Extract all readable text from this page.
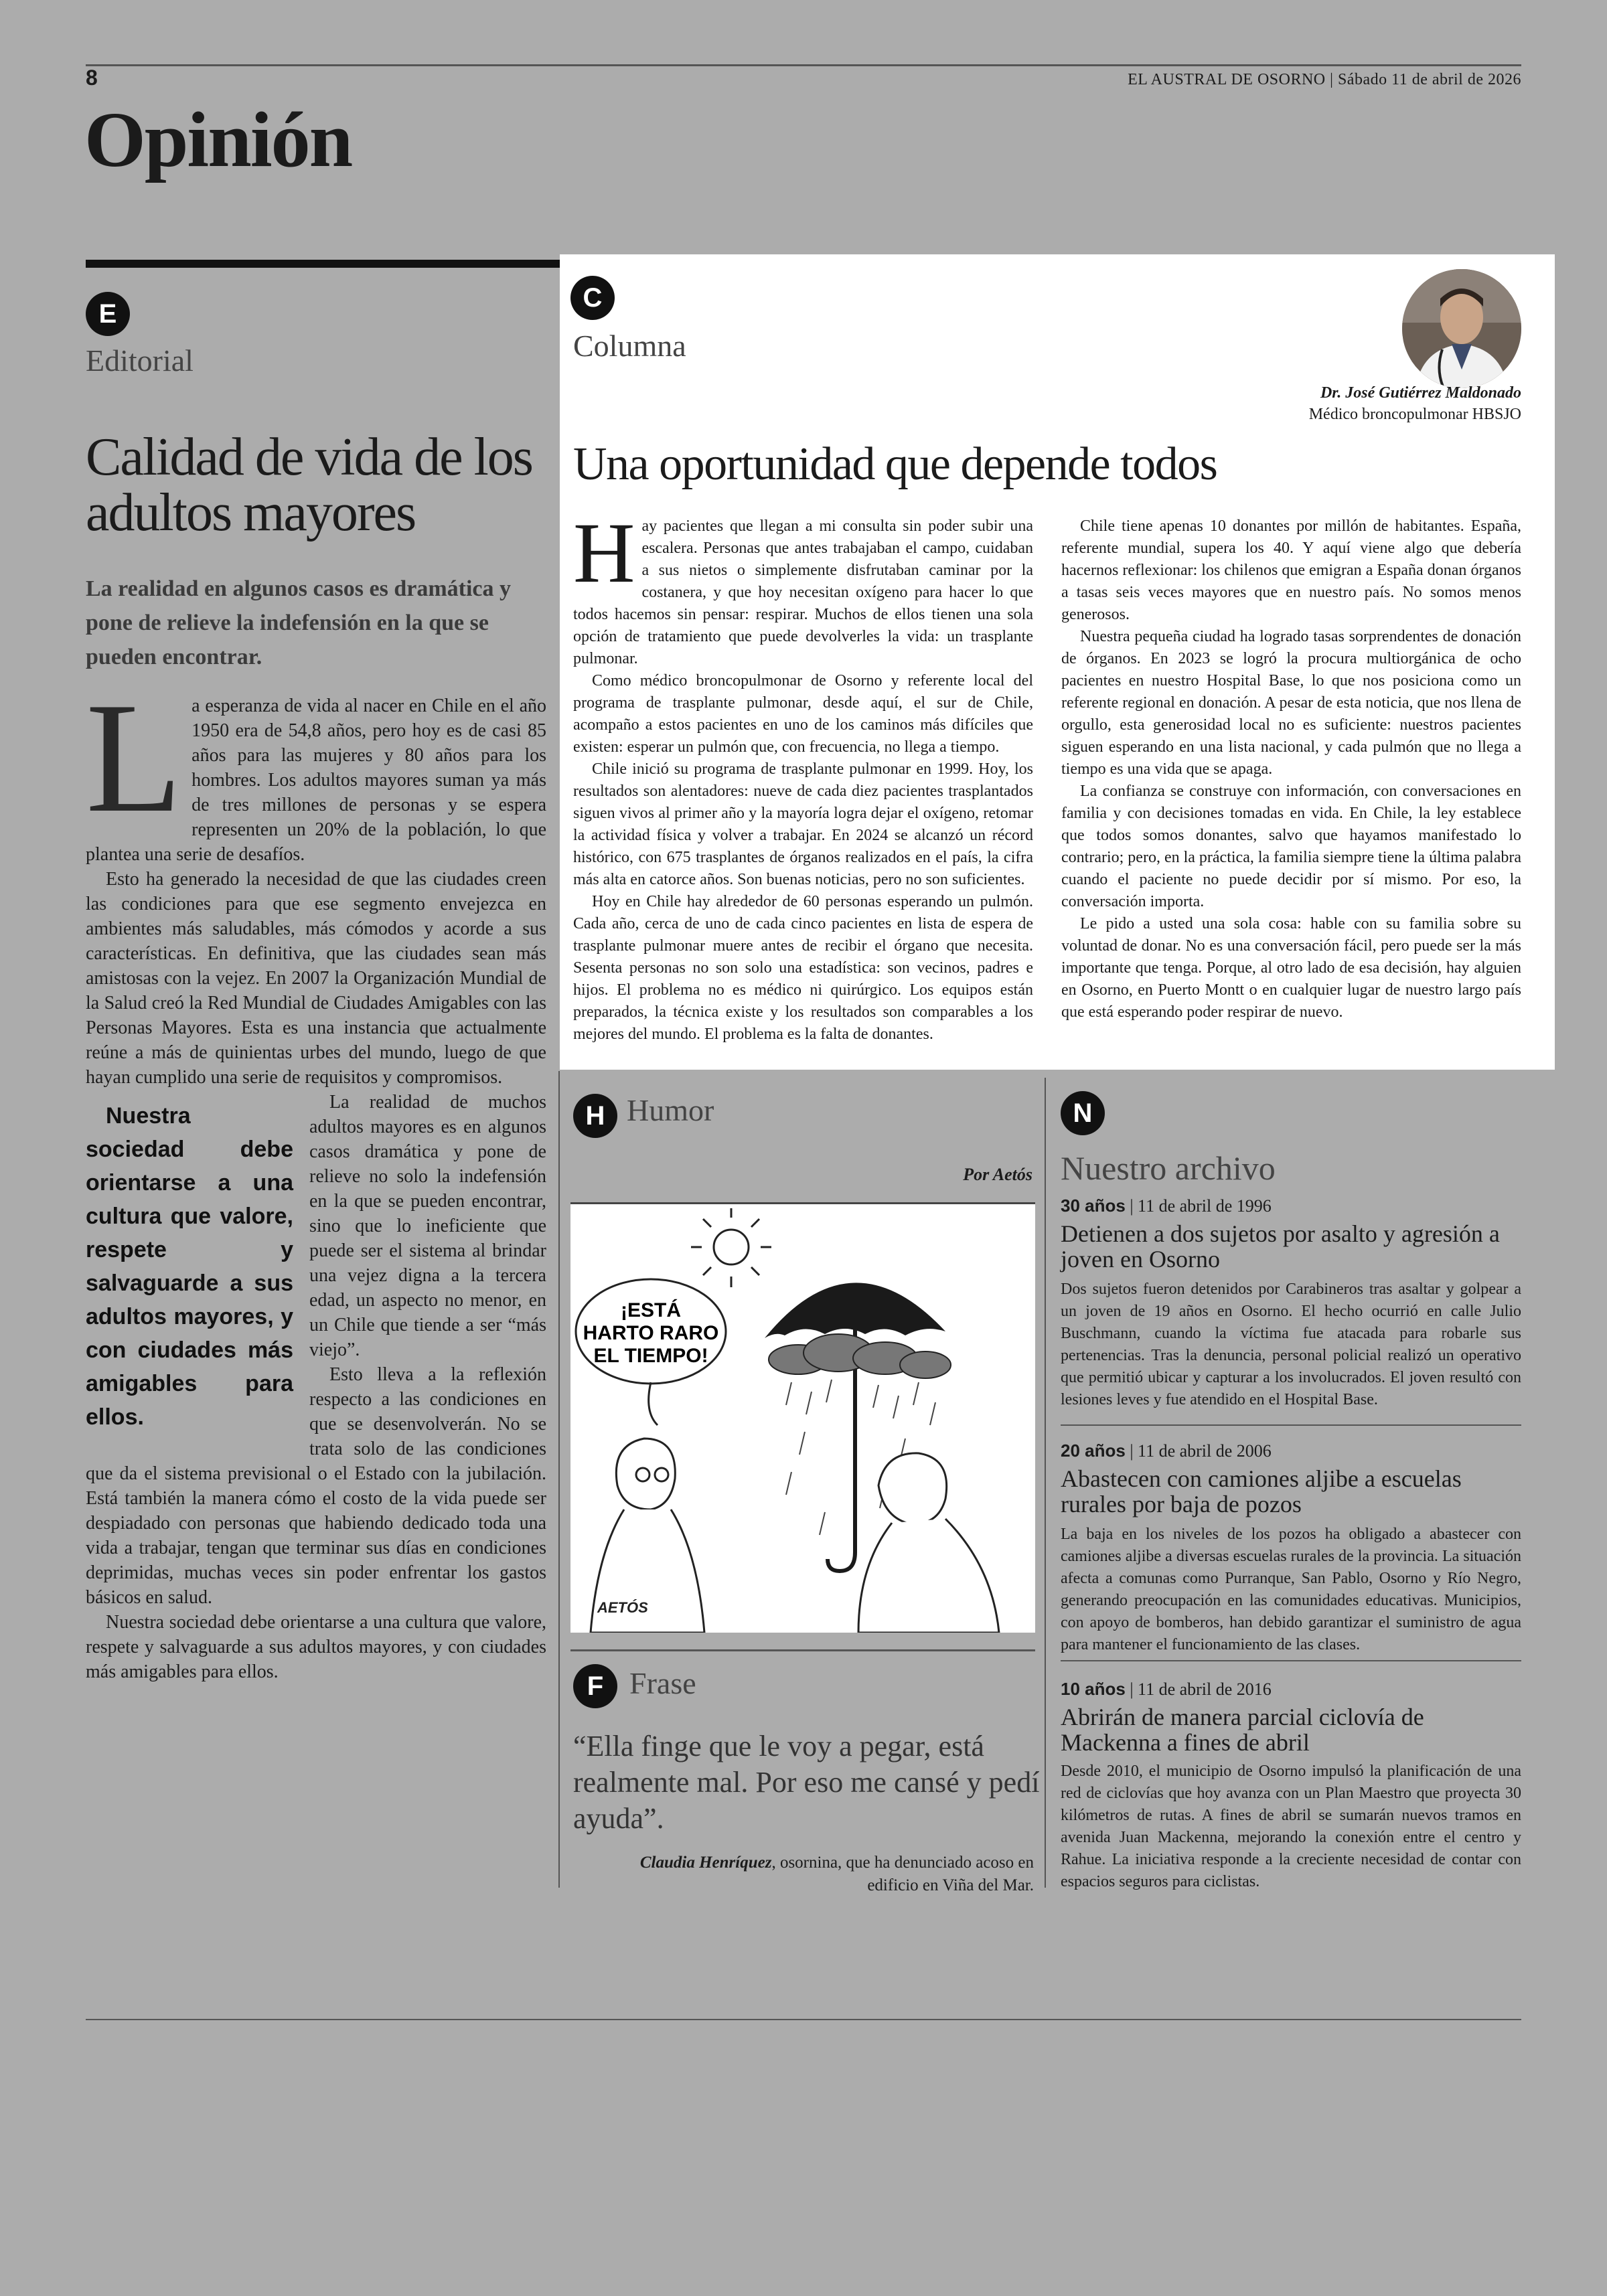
8	EL AUSTRAL DE OSORNO | Sábado 11 de abril de 2026
Opinión
E
Editorial
Calidad de vida de los adultos mayores
La realidad en algunos casos es dramática y pone de relieve la indefensión en la que se pueden encontrar.

La esperanza de vida al nacer en Chile en el año 1950 era de 54,8 años, pero hoy es de casi 85 años para las mujeres y 80 años para los hombres. Los adultos mayores suman ya más de tres millones de personas y se espera representen un 20% de la población, lo que plantea una serie de desafíos.

Esto ha generado la necesidad de que las ciudades creen las condiciones para que ese segmento envejezca en ambientes más saludables, más cómodos y acorde a sus características. En definitiva, que las ciudades sean más amistosas con la vejez. En 2007 la Organización Mundial de la Salud creó la Red Mundial de Ciudades Amigables con las Personas Mayores. Esta es una instancia que actualmente reúne a más de quinientas urbes del mundo, luego de que hayan cumplido una serie de requisitos y compromisos.

Nuestra sociedad debe orientarse a una cultura que valore, respete y salvaguarde a sus adultos mayores, y con ciudades más amigables para ellos.
La realidad de muchos adultos mayores es en algunos casos dramática y pone de relieve no solo la indefensión en la que se pueden encontrar, sino que lo ineficiente que puede ser el sistema al brindar una vejez digna a la tercera edad, un aspecto no menor, en un Chile que tiende a ser “más viejo”.

Esto lleva a la reflexión respecto a las condiciones en que se desenvolverán. No se trata solo de las condiciones que da el sistema previsional o el Estado con la jubilación. Está también la manera cómo el costo de la vida puede ser despiadado con personas que habiendo dedicado toda una vida a trabajar, tengan que terminar sus días en condiciones deprimidas, muchas veces sin poder enfrentar los gastos básicos en salud.

Nuestra sociedad debe orientarse a una cultura que valore, respete y salvaguarde a sus adultos mayores, y con ciudades más amigables para ellos.

C
Columna
Dr. José Gutiérrez Maldonado
Médico broncopulmonar HBSJO
Una oportunidad que depende todos

Hay pacientes que llegan a mi consulta sin poder subir una escalera. Personas que antes trabajaban el campo, cuidaban a sus nietos o simplemente disfrutaban caminar por la costanera, y que hoy necesitan oxígeno para hacer lo que todos hacemos sin pensar: respirar. Muchos de ellos tienen una sola opción de tratamiento que puede devolverles la vida: un trasplante pulmonar.

Como médico broncopulmonar de Osorno y referente local del programa de trasplante pulmonar, desde aquí, el sur de Chile, acompaño a estos pacientes en uno de los caminos más difíciles que existen: esperar un pulmón que, con frecuencia, no llega a tiempo.

Chile inició su programa de trasplante pulmonar en 1999. Hoy, los resultados son alentadores: nueve de cada diez pacientes trasplantados siguen vivos al primer año y la mayoría logra dejar el oxígeno, retomar la actividad física y volver a trabajar. En 2024 se alcanzó un récord histórico, con 675 trasplantes de órganos realizados en el país, la cifra más alta en catorce años. Son buenas noticias, pero no son suficientes.

Hoy en Chile hay alrededor de 60 personas esperando un pulmón. Cada año, cerca de uno de cada cinco pacientes en lista de espera de trasplante pulmonar muere antes de recibir el órgano que necesita. Sesenta personas no son solo una estadística: son vecinos, padres e hijos. El problema no es médico ni quirúrgico. Los equipos están preparados, la técnica existe y los resultados son comparables a los mejores del mundo. El problema es la falta de donantes.

Chile tiene apenas 10 donantes por millón de habitantes. España, referente mundial, supera los 40. Y aquí viene algo que debería hacernos reflexionar: los chilenos que emigran a España donan órganos a tasas seis veces mayores que en nuestro país. No somos menos generosos.

Nuestra pequeña ciudad ha logrado tasas sorprendentes de donación de órganos. En 2023 se logró la procura multiorgánica de ocho pacientes en nuestro Hospital Base, lo que nos posiciona como un referente regional en donación. A pesar de esta noticia, que nos llena de orgullo, esta generosidad local no es suficiente: nuestros pacientes siguen esperando en una lista nacional, y cada pulmón que no llega a tiempo es una vida que se apaga.

La confianza se construye con información, con conversaciones en familia y con decisiones tomadas en vida. En Chile, la ley establece que todos somos donantes, salvo que hayamos manifestado lo contrario; pero, en la práctica, la familia siempre tiene la última palabra cuando el paciente no puede decidir por sí mismo. Por eso, la conversación importa.

Le pido a usted una sola cosa: hable con su familia sobre su voluntad de donar. No es una conversación fácil, pero puede ser la más importante que tenga. Porque, al otro lado de esa decisión, hay alguien en Osorno, en Puerto Montt o en cualquier lugar de nuestro largo país que está esperando poder respirar de nuevo.

H Humor
Por Aetós
¡ESTÁ
HARTO RARO
EL TIEMPO!
AETÓS
F Frase
“Ella finge que le voy a pegar, está realmente mal. Por eso me cansé y pedí ayuda”.
Claudia Henríquez, osornina, que ha denunciado acoso en edificio en Viña del Mar.
N
Nuestro archivo
30 años | 11 de abril de 1996
Detienen a dos sujetos por asalto y agresión a joven en Osorno
Dos sujetos fueron detenidos por Carabineros tras asaltar y golpear a un joven de 19 años en Osorno. El hecho ocurrió en calle Julio Buschmann, cuando la víctima fue atacada para robarle sus pertenencias. Tras la denuncia, personal policial realizó un operativo que permitió ubicar y capturar a los involucrados. El joven resultó con lesiones leves y fue atendido en el Hospital Base.
20 años | 11 de abril de 2006
Abastecen con camiones aljibe a escuelas rurales por baja de pozos
La baja en los niveles de los pozos ha obligado a abastecer con camiones aljibe a diversas escuelas rurales de la provincia. La situación afecta a comunas como Purranque, San Pablo, Osorno y Río Negro, generando preocupación en las comunidades educativas. Municipios, con apoyo de bomberos, han debido garantizar el suministro de agua para mantener el funcionamiento de las clases.
10 años | 11 de abril de 2016
Abrirán de manera parcial ciclovía de Mackenna a fines de abril
Desde 2010, el municipio de Osorno impulsó la planificación de una red de ciclovías que hoy avanza con un Plan Maestro que proyecta 30 kilómetros de rutas. A fines de abril se sumarán nuevos tramos en avenida Juan Mackenna, mejorando la conexión entre el centro y Rahue. La iniciativa responde a la creciente necesidad de contar con espacios seguros para ciclistas.
